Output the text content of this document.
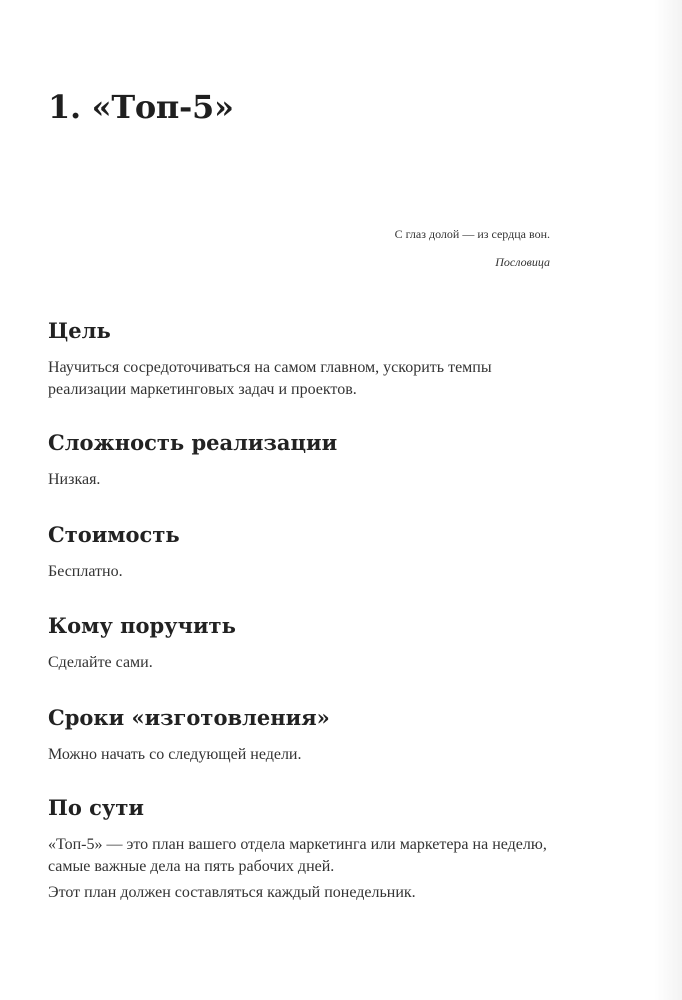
1. «Топ-5»

С глаз долой — из сердца вон.

Пословица

Цель

Научиться сосредоточиваться на самом главном, ускорить темпы реализации маркетинговых задач и проектов.

Сложность реализации

Низкая.

Стоимость

Бесплатно.

Кому поручить

Сделайте сами.

Сроки «изготовления»

Можно начать со следующей недели.

По сути

«Топ-5» — это план вашего отдела маркетинга или маркетера на неделю, самые важные дела на пять рабочих дней.

Этот план должен составляться каждый понедельник.
